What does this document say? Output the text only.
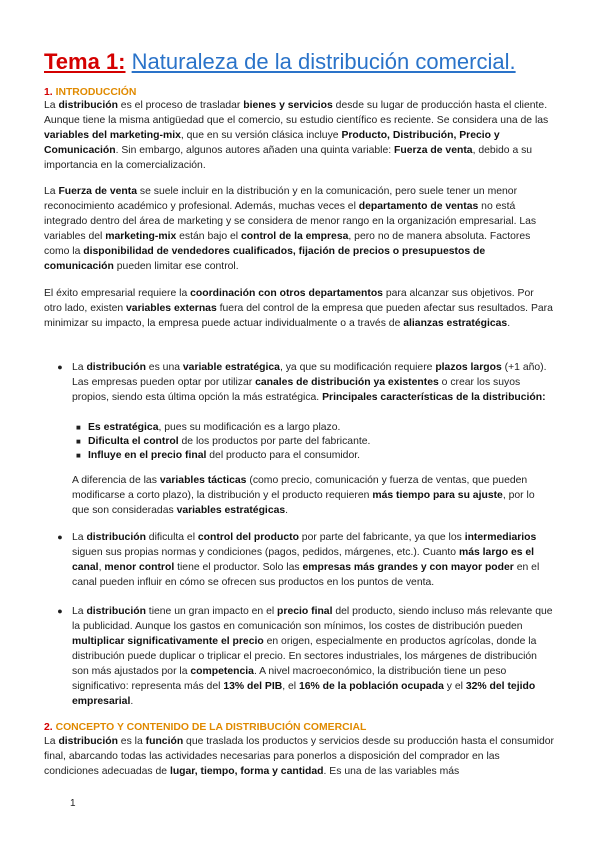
Tema 1: Naturaleza de la distribución comercial.
1. INTRODUCCIÓN

La distribución es el proceso de trasladar bienes y servicios desde su lugar de producción hasta el cliente. Aunque tiene la misma antigüedad que el comercio, su estudio científico es reciente. Se considera una de las variables del marketing-mix, que en su versión clásica incluye Producto, Distribución, Precio y Comunicación. Sin embargo, algunos autores añaden una quinta variable: Fuerza de venta, debido a su importancia en la comercialización.

La Fuerza de venta se suele incluir en la distribución y en la comunicación, pero suele tener un menor reconocimiento académico y profesional. Además, muchas veces el departamento de ventas no está integrado dentro del área de marketing y se considera de menor rango en la organización empresarial. Las variables del marketing-mix están bajo el control de la empresa, pero no de manera absoluta. Factores como la disponibilidad de vendedores cualificados, fijación de precios o presupuestos de comunicación pueden limitar ese control.

El éxito empresarial requiere la coordinación con otros departamentos para alcanzar sus objetivos. Por otro lado, existen variables externas fuera del control de la empresa que pueden afectar sus resultados. Para minimizar su impacto, la empresa puede actuar individualmente o a través de alianzas estratégicas.

● La distribución es una variable estratégica, ya que su modificación requiere plazos largos (+1 año). Las empresas pueden optar por utilizar canales de distribución ya existentes o crear los suyos propios, siendo esta última opción la más estratégica. Principales características de la distribución:

■ Es estratégica, pues su modificación es a largo plazo.
■ Dificulta el control de los productos por parte del fabricante.
■ Influye en el precio final del producto para el consumidor.

A diferencia de las variables tácticas (como precio, comunicación y fuerza de ventas, que pueden modificarse a corto plazo), la distribución y el producto requieren más tiempo para su ajuste, por lo que son consideradas variables estratégicas.

● La distribución dificulta el control del producto por parte del fabricante, ya que los intermediarios siguen sus propias normas y condiciones (pagos, pedidos, márgenes, etc.). Cuanto más largo es el canal, menor control tiene el productor. Solo las empresas más grandes y con mayor poder en el canal pueden influir en cómo se ofrecen sus productos en los puntos de venta.

● La distribución tiene un gran impacto en el precio final del producto, siendo incluso más relevante que la publicidad. Aunque los gastos en comunicación son mínimos, los costes de distribución pueden multiplicar significativamente el precio en origen, especialmente en productos agrícolas, donde la distribución puede duplicar o triplicar el precio. En sectores industriales, los márgenes de distribución son más ajustados por la competencia. A nivel macroeconómico, la distribución tiene un peso significativo: representa más del 13% del PIB, el 16% de la población ocupada y el 32% del tejido empresarial.

2. CONCEPTO Y CONTENIDO DE LA DISTRIBUCIÓN COMERCIAL

La distribución es la función que traslada los productos y servicios desde su producción hasta el consumidor final, abarcando todas las actividades necesarias para ponerlos a disposición del comprador en las condiciones adecuadas de lugar, tiempo, forma y cantidad. Es una de las variables más

1
